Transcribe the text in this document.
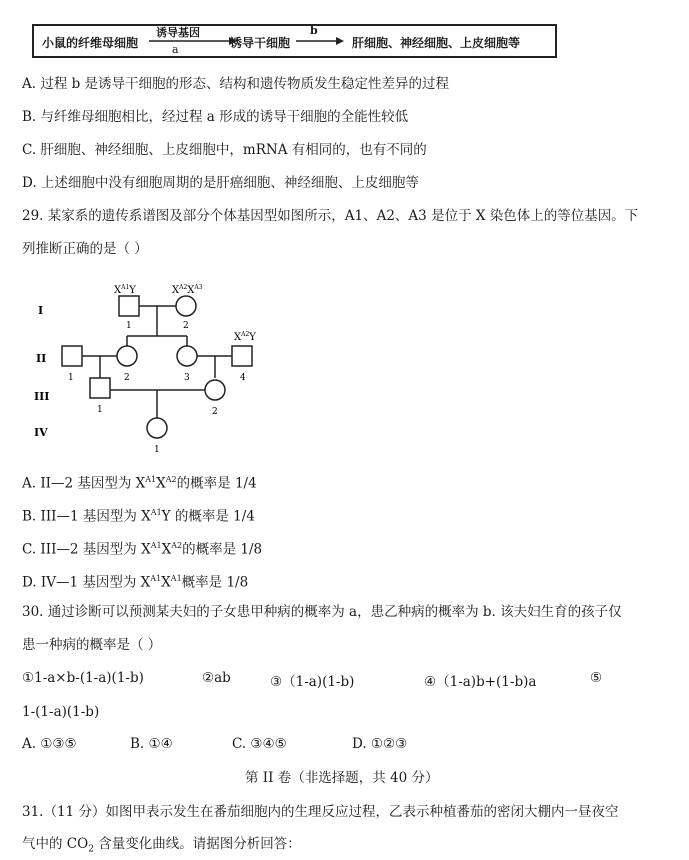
小鼠的纤维母细胞
诱导基因
a	诱导干细胞
b
肝细胞、神经细胞、上皮细胞等
A. 过程 b 是诱导干细胞的形态、结构和遗传物质发生稳定性差异的过程
B. 与纤维母细胞相比，经过程 a 形成的诱导干细胞的全能性较低
C. 肝细胞、神经细胞、上皮细胞中，mRNA 有相同的，也有不同的
D. 上述细胞中没有细胞周期的是肝癌细胞、神经细胞、上皮细胞等
29. 某家系的遗传系谱图及部分个体基因型如图所示，A1、A2、A3 是位于 X 染色体上的等位基因。下
列推断正确的是（ ）
I
II
III
IV
$X^{A1}Y$	$X^{A2}X^{A3}$
1	2
$X^{A2}Y$
1	2	3	4
1	2
1
A. II—2 基因型为 $X^{A1}X^{A2}$的概率是 1/4
B. III—1 基因型为 $X^{A1}Y$ 的概率是 1/4
C. III—2 基因型为 $X^{A1}X^{A2}$的概率是 1/8
D. IV—1 基因型为 $X^{A1}X^{A1}$概率是 1/8
30. 通过诊断可以预测某夫妇的子女患甲种病的概率为 a，患乙种病的概率为 b. 该夫妇生育的孩子仅
患一种病的概率是（ ）
①1-a×b-(1-a)(1-b)	②ab	③（1-a)(1-b)	④（1-a)b+(1-b)a	⑤
1-(1-a)(1-b)
A. ①③⑤	B. ①④	C. ③④⑤	D. ①②③
第 II 卷（非选择题，共 40 分）
31.（11 分）如图甲表示发生在番茄细胞内的生理反应过程，乙表示种植番茄的密闭大棚内一昼夜空
气中的 $CO_2$ 含量变化曲线。请据图分析回答：
